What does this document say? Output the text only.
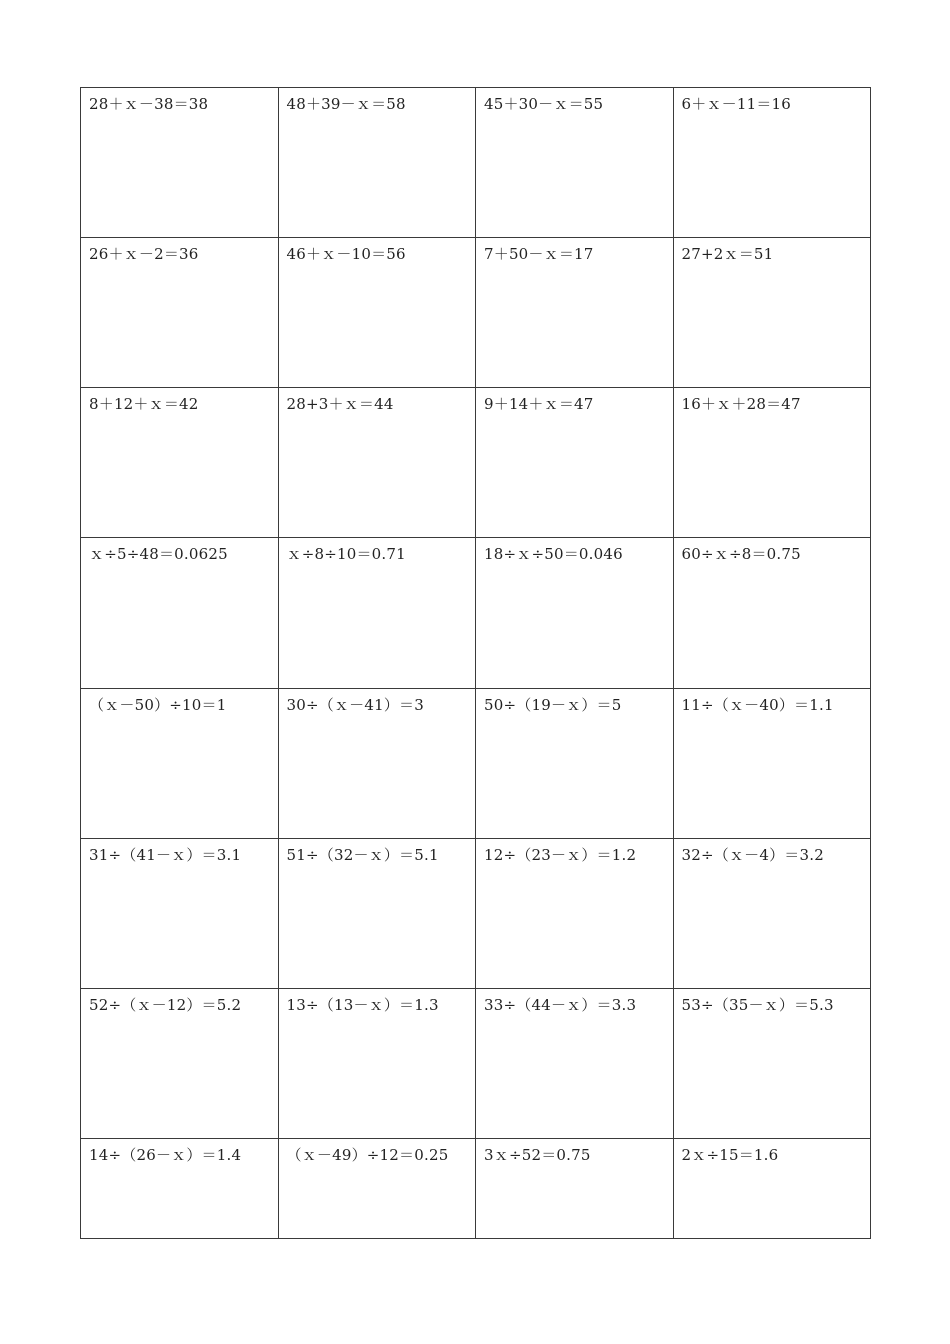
28＋ｘ－38＝38	48＋39－ｘ＝58	45＋30－ｘ＝55	6＋ｘ－11＝16

26＋ｘ－2＝36	46＋ｘ－10＝56	7＋50－ｘ＝17	27+2ｘ＝51

8＋12＋ｘ＝42	28+3＋ｘ＝44	9＋14＋ｘ＝47	16＋ｘ＋28＝47

ｘ÷5÷48＝0.0625	ｘ÷8÷10＝0.71	18÷ｘ÷50＝0.046	60÷ｘ÷8＝0.75

（ｘ－50）÷10＝1	30÷（ｘ－41）＝3	50÷（19－ｘ）＝5	11÷（ｘ－40）＝1.1

31÷（41－ｘ）＝3.1	51÷（32－ｘ）＝5.1	12÷（23－ｘ）＝1.2	32÷（ｘ－4）＝3.2

52÷（ｘ－12）＝5.2	13÷（13－ｘ）＝1.3	33÷（44－ｘ）＝3.3	53÷（35－ｘ）＝5.3

14÷（26－ｘ）＝1.4	（ｘ－49）÷12＝0.25	3ｘ÷52＝0.75	2ｘ÷15＝1.6
